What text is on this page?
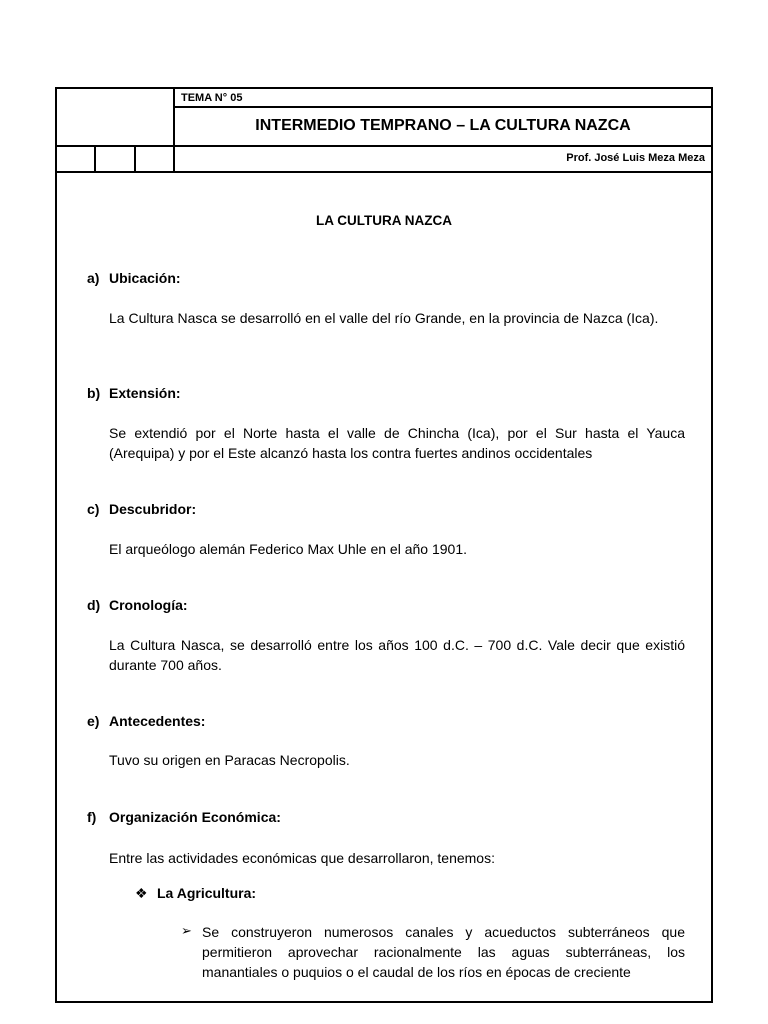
TEMA N° 05
INTERMEDIO TEMPRANO – LA CULTURA NAZCA
Prof. José Luis Meza Meza
LA CULTURA NAZCA
a) Ubicación:
La Cultura Nasca se desarrolló en el valle del río Grande, en la provincia de Nazca (Ica).
b) Extensión:
Se extendió por el Norte hasta el valle de Chincha (Ica), por el Sur hasta el Yauca (Arequipa) y por el Este alcanzó hasta los contra fuertes andinos occidentales
c) Descubridor:
El arqueólogo alemán Federico Max Uhle en el año 1901.
d) Cronología:
La Cultura Nasca, se desarrolló entre los años 100 d.C. – 700 d.C. Vale decir que existió durante 700 años.
e) Antecedentes:
Tuvo su origen en Paracas Necropolis.
f) Organización Económica:
Entre las actividades económicas que desarrollaron, tenemos:
❖ La Agricultura:
➢ Se construyeron numerosos canales y acueductos subterráneos que permitieron aprovechar racionalmente las aguas subterráneas, los manantiales o puquios o el caudal de los ríos en épocas de creciente
